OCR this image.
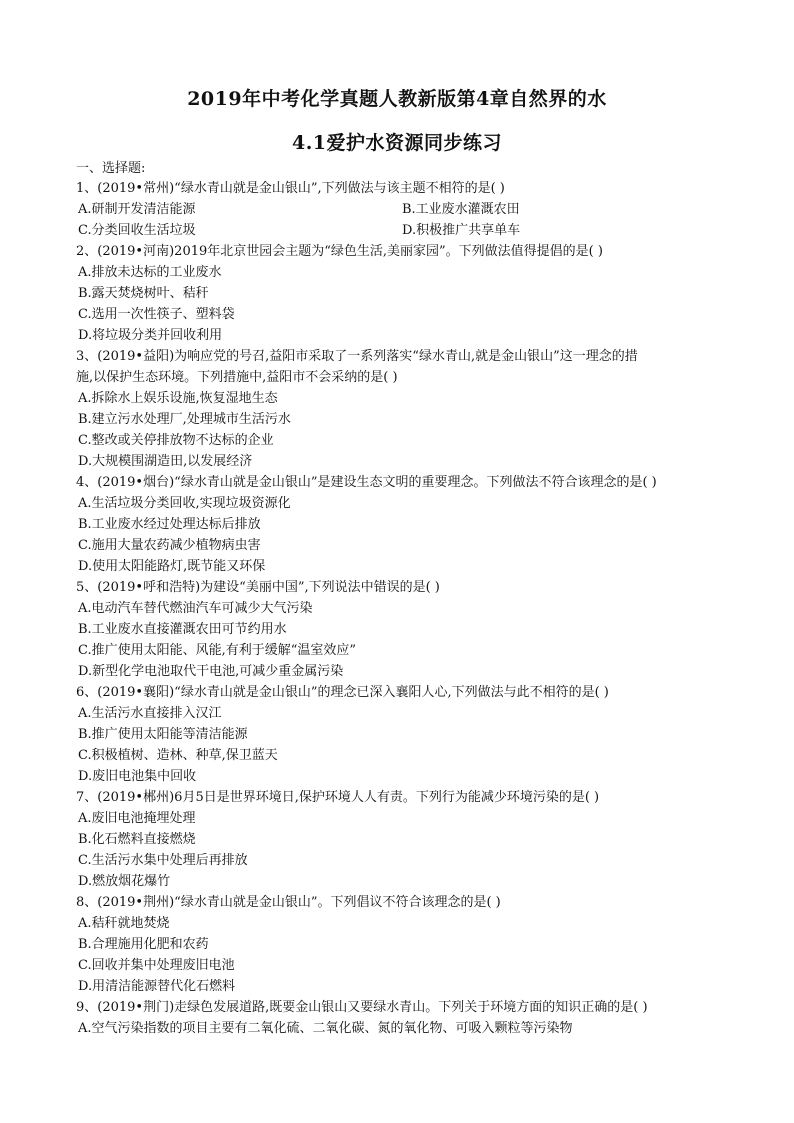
2019年中考化学真题人教新版第4章自然界的水
4.1爱护水资源同步练习
一、选择题:
1、(2019•常州)“绿水青山就是金山银山”,下列做法与该主题不相符的是( )
A.研制开发清洁能源	B.工业废水灌溉农田
C.分类回收生活垃圾	D.积极推广共享单车
2、(2019•河南)2019年北京世园会主题为“绿色生活,美丽家园”。下列做法值得提倡的是( )
A.排放未达标的工业废水
B.露天焚烧树叶、秸秆
C.选用一次性筷子、塑料袋
D.将垃圾分类并回收利用
3、(2019•益阳)为响应党的号召,益阳市采取了一系列落实“绿水青山,就是金山银山”这一理念的措
施,以保护生态环境。下列措施中,益阳市不会采纳的是( )
A.拆除水上娱乐设施,恢复湿地生态
B.建立污水处理厂,处理城市生活污水
C.整改或关停排放物不达标的企业
D.大规模围湖造田,以发展经济
4、(2019•烟台)“绿水青山就是金山银山”是建设生态文明的重要理念。下列做法不符合该理念的是( )
A.生活垃圾分类回收,实现垃圾资源化
B.工业废水经过处理达标后排放
C.施用大量农药减少植物病虫害
D.使用太阳能路灯,既节能又环保
5、(2019•呼和浩特)为建设“美丽中国”,下列说法中错误的是( )
A.电动汽车替代燃油汽车可减少大气污染
B.工业废水直接灌溉农田可节约用水
C.推广使用太阳能、风能,有利于缓解“温室效应”
D.新型化学电池取代干电池,可减少重金属污染
6、(2019•襄阳)“绿水青山就是金山银山”的理念已深入襄阳人心,下列做法与此不相符的是( )
A.生活污水直接排入汉江
B.推广使用太阳能等清洁能源
C.积极植树、造林、种草,保卫蓝天
D.废旧电池集中回收
7、(2019•郴州)6月5日是世界环境日,保护环境人人有责。下列行为能减少环境污染的是( )
A.废旧电池掩埋处理
B.化石燃料直接燃烧
C.生活污水集中处理后再排放
D.燃放烟花爆竹
8、(2019•荆州)“绿水青山就是金山银山”。下列倡议不符合该理念的是( )
A.秸秆就地焚烧
B.合理施用化肥和农药
C.回收并集中处理废旧电池
D.用清洁能源替代化石燃料
9、(2019•荆门)走绿色发展道路,既要金山银山又要绿水青山。下列关于环境方面的知识正确的是( )
A.空气污染指数的项目主要有二氧化硫、二氧化碳、氮的氧化物、可吸入颗粒等污染物
